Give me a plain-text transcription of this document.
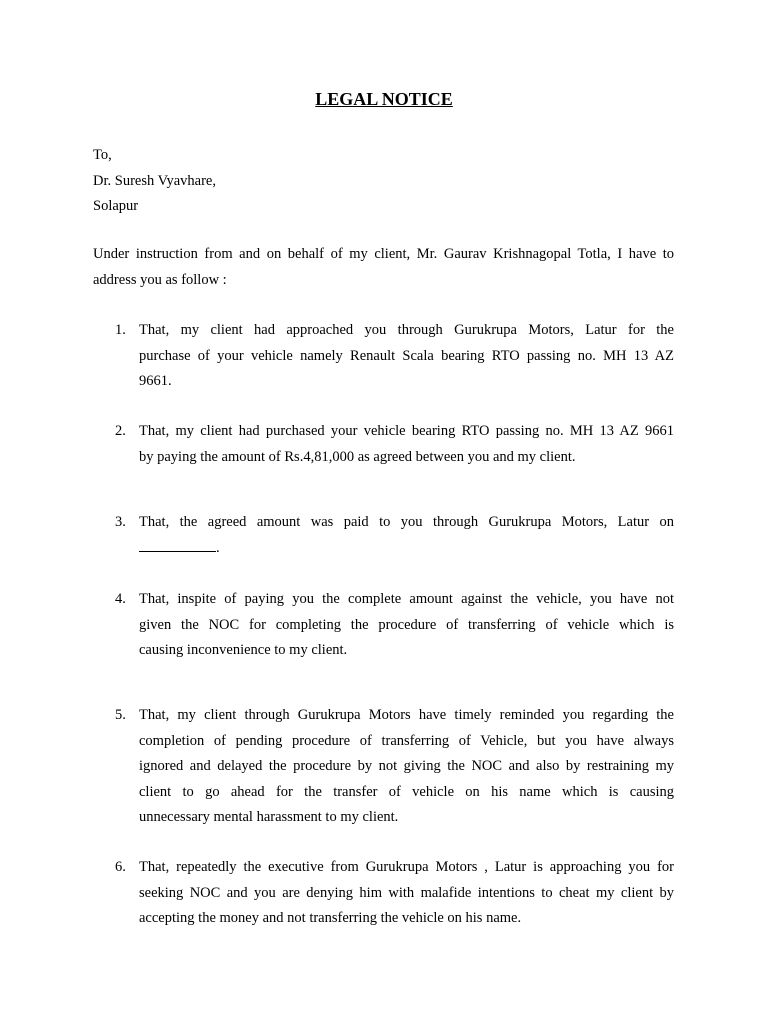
LEGAL NOTICE
To,
Dr. Suresh Vyavhare,
Solapur
Under instruction from and on behalf of my client, Mr. Gaurav Krishnagopal Totla, I have to
address you as follow :
1. That, my client had approached you through Gurukrupa Motors, Latur for the
purchase of your vehicle namely Renault Scala bearing RTO passing no. MH 13 AZ
9661.
2. That, my client had purchased your vehicle bearing RTO passing no. MH 13 AZ 9661
by paying the amount of Rs.4,81,000 as agreed between you and my client.
3. That, the agreed amount was paid to you through Gurukrupa Motors, Latur on
.
4. That, inspite of paying you the complete amount against the vehicle, you have not
given the NOC for completing the procedure of transferring of vehicle which is
causing inconvenience to my client.
5. That, my client through Gurukrupa Motors have timely reminded you regarding the
completion of pending procedure of transferring of Vehicle, but you have always
ignored and delayed the procedure by not giving the NOC and also by restraining my
client to go ahead for the transfer of vehicle on his name which is causing
unnecessary mental harassment to my client.
6. That, repeatedly the executive from Gurukrupa Motors , Latur is approaching you for
seeking NOC and you are denying him with malafide intentions to cheat my client by
accepting the money and not transferring the vehicle on his name.
